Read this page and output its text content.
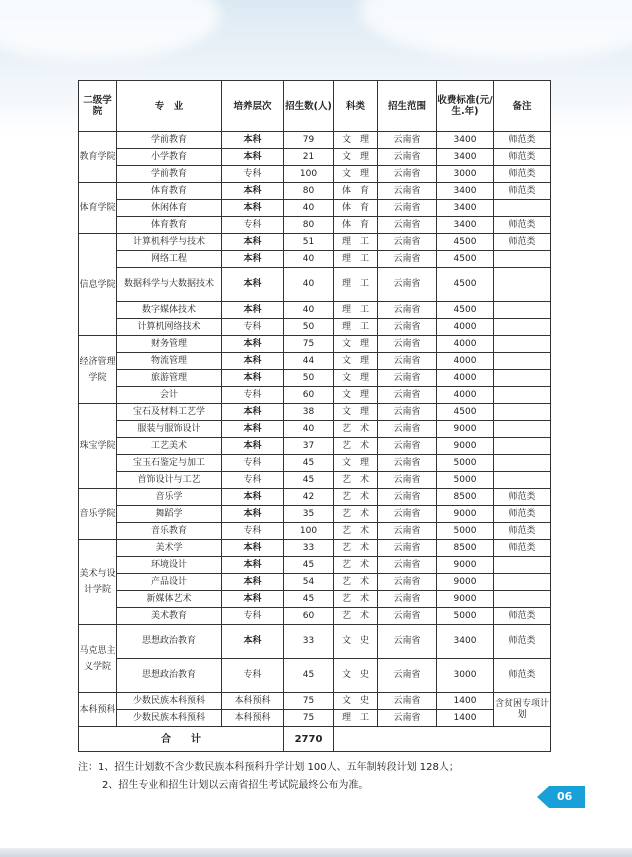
二级学院	专　业	培养层次	招生数(人)	科类	招生范围	收费标准(元/生.年)	备注
教育学院	学前教育	本科	79	文　理	云南省	3400	师范类
	小学教育	本科	21	文　理	云南省	3400	师范类
	学前教育	专科	100	文　理	云南省	3000	师范类
体育学院	体育教育	本科	80	体　育	云南省	3400	师范类
	休闲体育	本科	40	体　育	云南省	3400	
	体育教育	专科	80	体　育	云南省	3400	师范类
信息学院	计算机科学与技术	本科	51	理　工	云南省	4500	师范类
	网络工程	本科	40	理　工	云南省	4500	
	数据科学与大数据技术	本科	40	理　工	云南省	4500	
	数字媒体技术	本科	40	理　工	云南省	4500	
	计算机网络技术	专科	50	理　工	云南省	4000	
经济管理学院	财务管理	本科	75	文　理	云南省	4000	
	物流管理	本科	44	文　理	云南省	4000	
	旅游管理	本科	50	文　理	云南省	4000	
	会计	专科	60	文　理	云南省	4000	
珠宝学院	宝石及材料工艺学	本科	38	文　理	云南省	4500	
	服装与服饰设计	本科	40	艺　术	云南省	9000	
	工艺美术	本科	37	艺　术	云南省	9000	
	宝玉石鉴定与加工	专科	45	文　理	云南省	5000	
	首饰设计与工艺	专科	45	艺　术	云南省	5000	
音乐学院	音乐学	本科	42	艺　术	云南省	8500	师范类
	舞蹈学	本科	35	艺　术	云南省	9000	师范类
	音乐教育	专科	100	艺　术	云南省	5000	师范类
美术与设计学院	美术学	本科	33	艺　术	云南省	8500	师范类
	环境设计	本科	45	艺　术	云南省	9000	
	产品设计	本科	54	艺　术	云南省	9000	
	新媒体艺术	本科	45	艺　术	云南省	9000	
	美术教育	专科	60	艺　术	云南省	5000	师范类
马克思主义学院	思想政治教育	本科	33	文　史	云南省	3400	师范类
	思想政治教育	专科	45	文　史	云南省	3000	师范类
本科预科	少数民族本科预科	本科预科	75	文　史	云南省	1400	含贫困专项计划
	少数民族本科预科	本科预科	75	理　工	云南省	1400	
合　　计			2770				
注：1、招生计划数不含少数民族本科预科升学计划 100人、五年制转段计划 128人；
2、招生专业和招生计划以云南省招生考试院最终公布为准。
06
